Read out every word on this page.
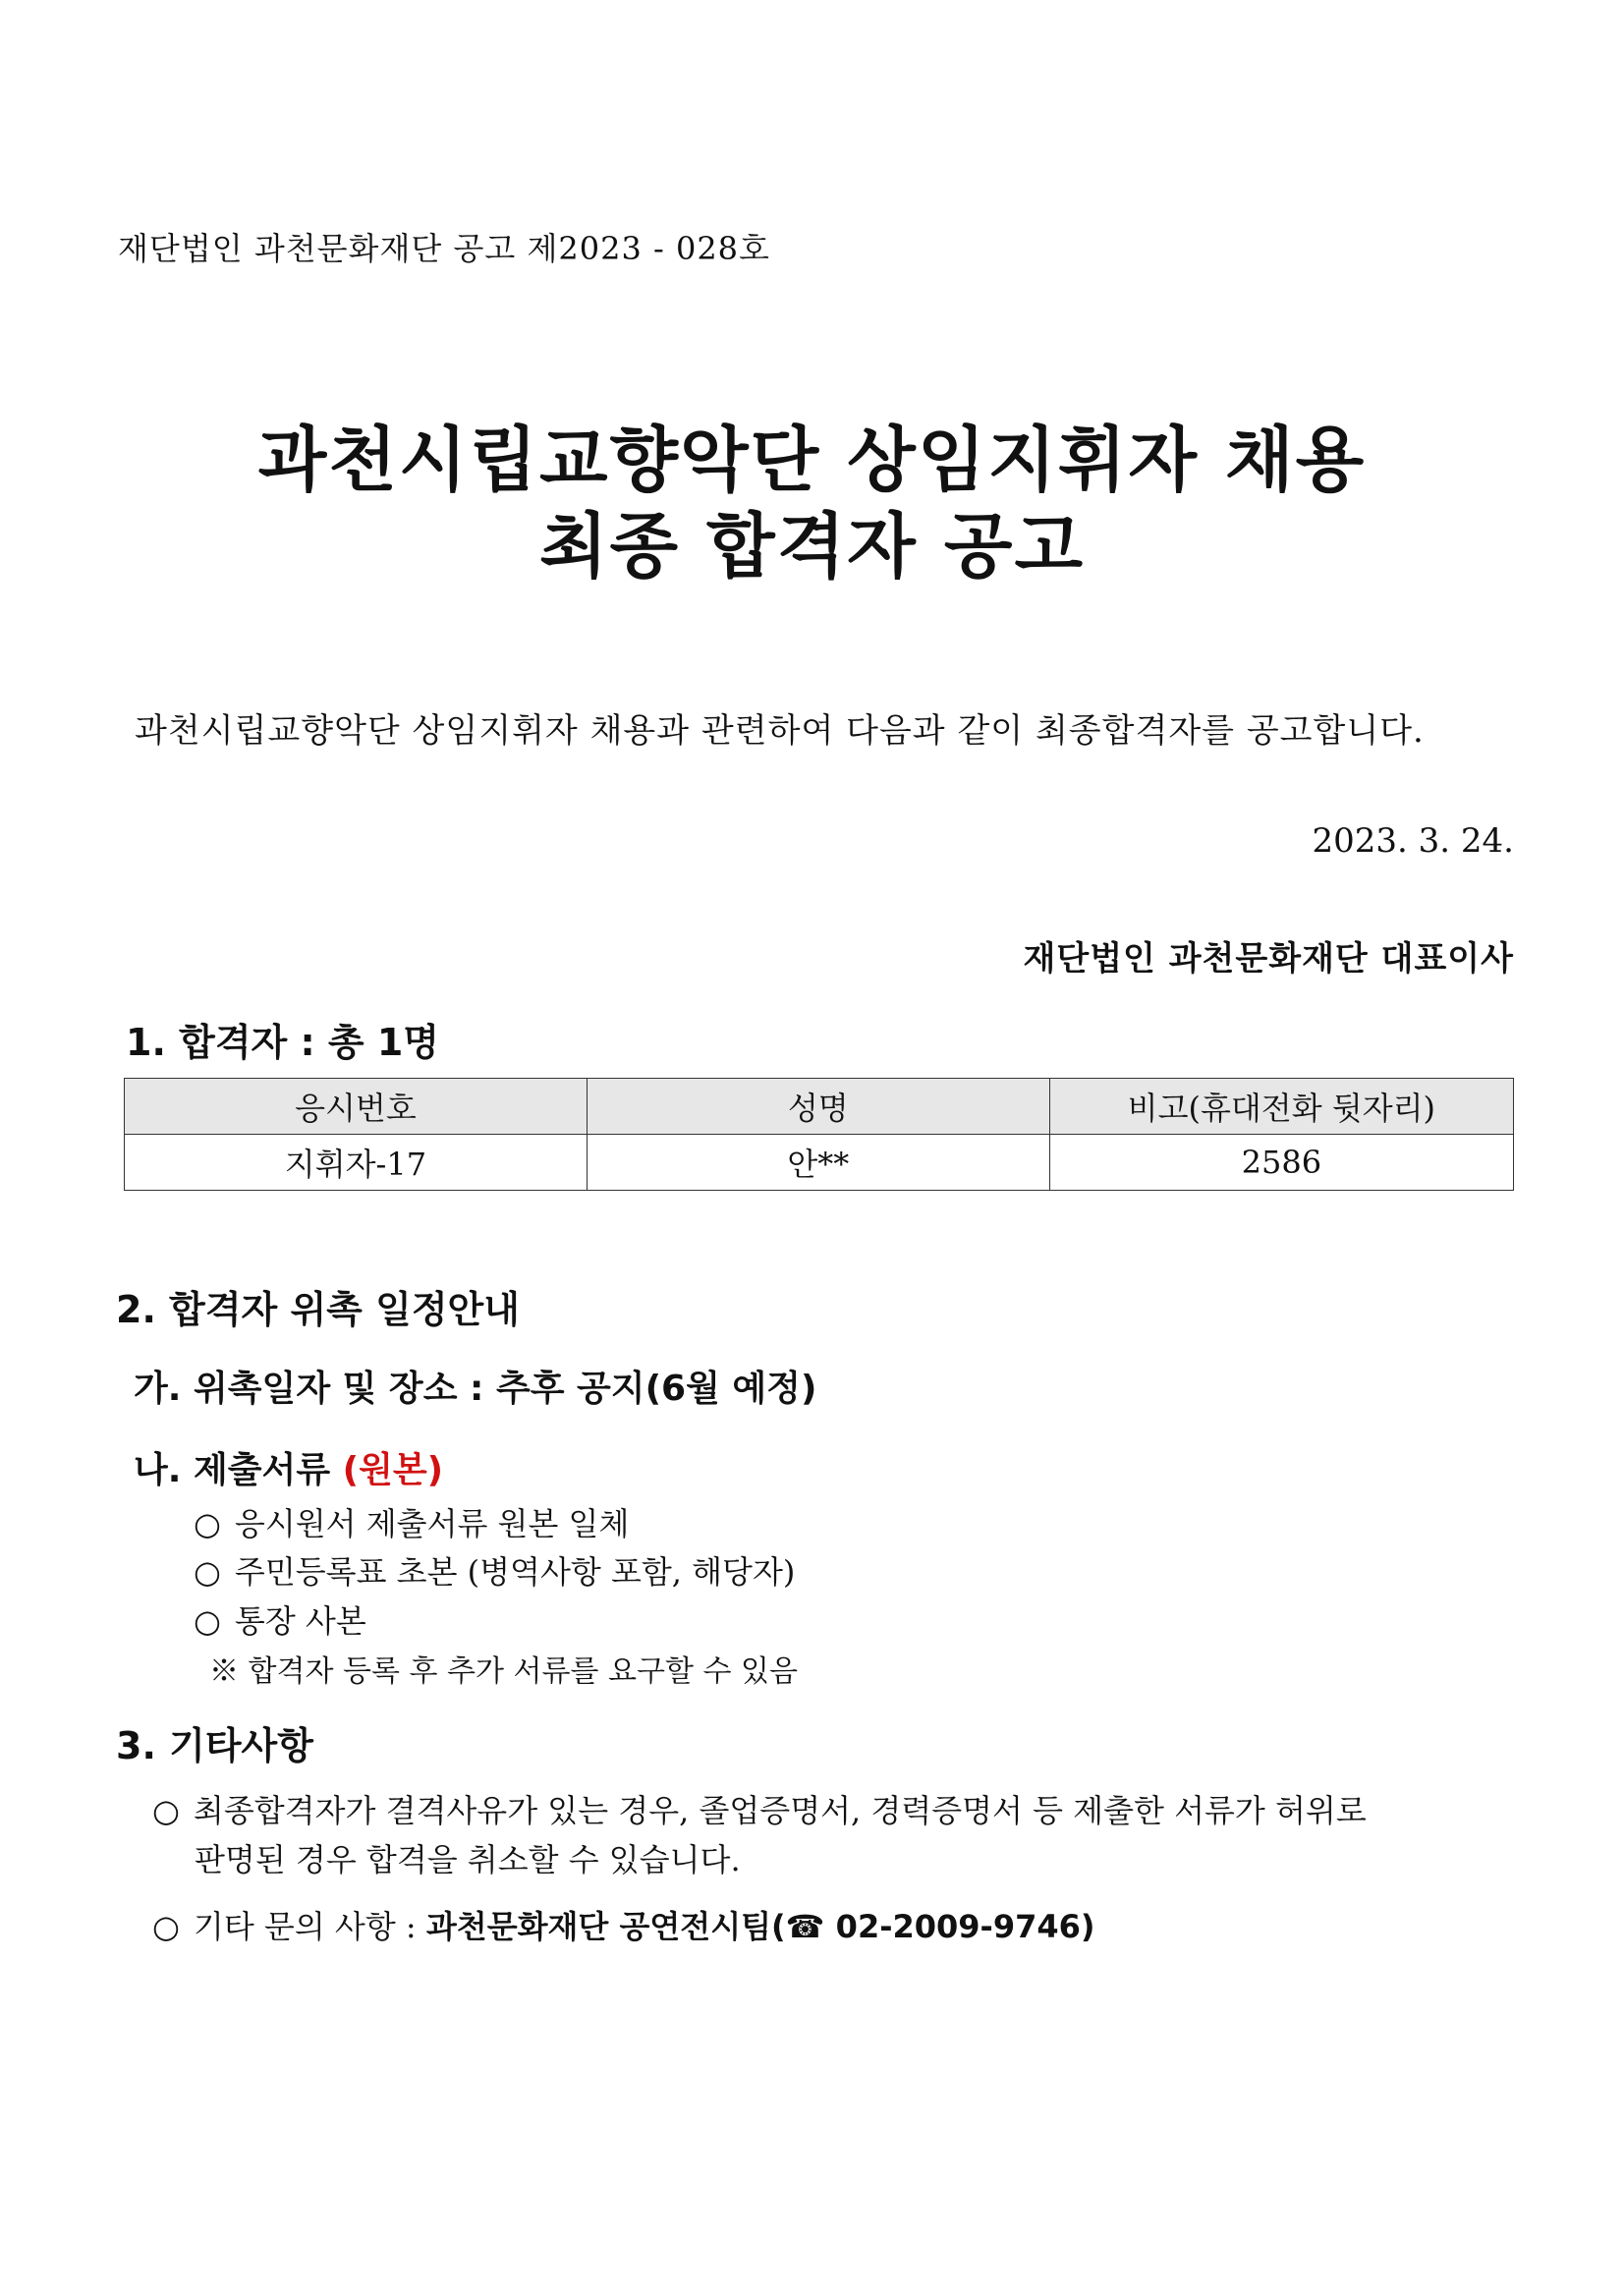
재단법인 과천문화재단 공고 제2023 - 028호
과천시립교향악단 상임지휘자 채용
최종 합격자 공고
과천시립교향악단 상임지휘자 채용과 관련하여 다음과 같이 최종합격자를 공고합니다.
2023. 3. 24.
재단법인 과천문화재단 대표이사
1. 합격자 : 총 1명
응시번호	성명	비고(휴대전화 뒷자리)
지휘자-17	안**	2586
2. 합격자 위촉 일정안내
가. 위촉일자 및 장소 : 추후 공지(6월 예정)
나. 제출서류 (원본)
○ 응시원서 제출서류 원본 일체
○ 주민등록표 초본 (병역사항 포함, 해당자)
○ 통장 사본
※ 합격자 등록 후 추가 서류를 요구할 수 있음
3. 기타사항
○ 최종합격자가 결격사유가 있는 경우, 졸업증명서, 경력증명서 등 제출한 서류가 허위로
판명된 경우 합격을 취소할 수 있습니다.
○ 기타 문의 사항 : 과천문화재단 공연전시팀(☎ 02-2009-9746)
